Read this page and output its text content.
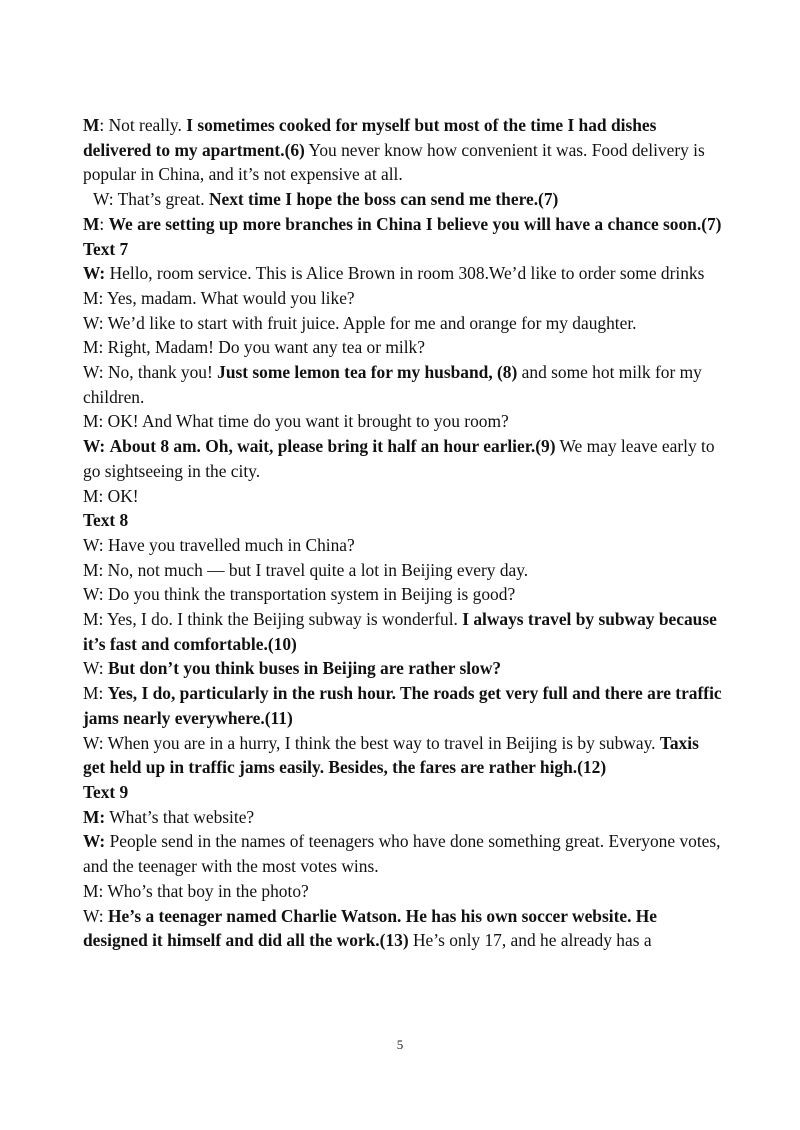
M: Not really. I sometimes cooked for myself but most of the time I had dishes delivered to my apartment.(6) You never know how convenient it was. Food delivery is popular in China, and it’s not expensive at all.

W: That’s great. Next time I hope the boss can send me there.(7)

M: We are setting up more branches in China I believe you will have a chance soon.(7)

Text 7

W: Hello, room service. This is Alice Brown in room 308.We’d like to order some drinks

M: Yes, madam. What would you like?

W: We’d like to start with fruit juice. Apple for me and orange for my daughter.

M: Right, Madam! Do you want any tea or milk?

W: No, thank you! Just some lemon tea for my husband, (8) and some hot milk for my children.

M: OK! And What time do you want it brought to you room?

W: About 8 am. Oh, wait, please bring it half an hour earlier.(9) We may leave early to go sightseeing in the city.

M: OK!

Text 8

W: Have you travelled much in China?

M: No, not much — but I travel quite a lot in Beijing every day.

W: Do you think the transportation system in Beijing is good?

M: Yes, I do. I think the Beijing subway is wonderful. I always travel by subway because it’s fast and comfortable.(10)

W: But don’t you think buses in Beijing are rather slow?

M: Yes, I do, particularly in the rush hour. The roads get very full and there are traffic jams nearly everywhere.(11)

W: When you are in a hurry, I think the best way to travel in Beijing is by subway. Taxis get held up in traffic jams easily. Besides, the fares are rather high.(12)

Text 9

M: What’s that website?

W: People send in the names of teenagers who have done something great. Everyone votes, and the teenager with the most votes wins.

M: Who’s that boy in the photo?

W: He’s a teenager named Charlie Watson. He has his own soccer website. He designed it himself and did all the work.(13) He’s only 17, and he already has a

5
